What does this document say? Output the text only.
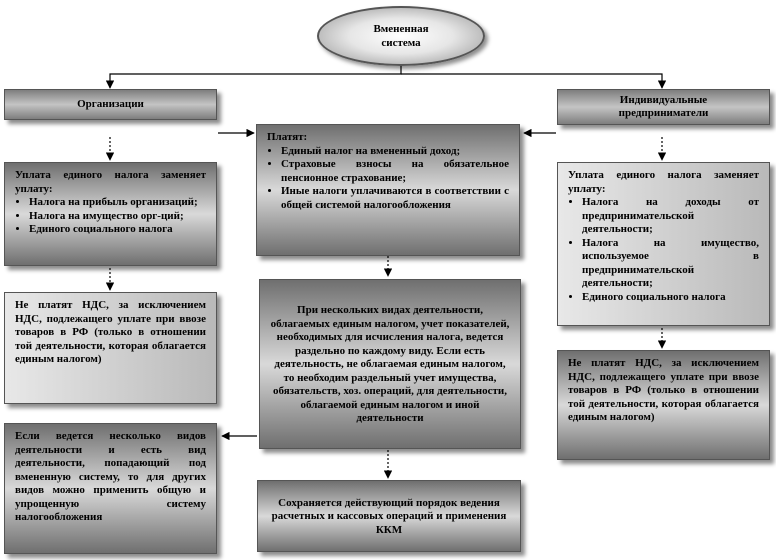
Вмененная
система
Организации	Индивидуальные
предприниматели
Платят:
• Единый налог на вмененный доход;
• Страховые взносы на обязательное пенсионное страхование;
• Иные налоги уплачиваются в соответствии с общей системой налогообложения
Уплата единого налога заменяет уплату:
• Налога на прибыль организаций;
• Налога на имущество орг-ций;
• Единого социального налога
Не платят НДС, за исключением НДС, подлежащего уплате при ввозе товаров в РФ (только в отношении той деятельности, которая облагается единым налогом)
Если ведется несколько видов деятельности и есть вид деятельности, попадающий под вмененную систему, то для других видов можно применить общую и упрощенную систему налогообложения
При нескольких видах деятельности, облагаемых единым налогом, учет показателей, необходимых для исчисления налога, ведется раздельно по каждому виду. Если есть деятельность, не облагаемая единым налогом, то необходим раздельный учет имущества, обязательств, хоз. операций, для деятельности, облагаемой единым налогом и иной деятельности
Сохраняется действующий порядок ведения расчетных и кассовых операций и применения ККМ
Уплата единого налога заменяет уплату:
• Налога на доходы от предпринимательской деятельности;
• Налога на имущество, используемое в предпринимательской деятельности;
• Единого социального налога
Не платят НДС, за исключением НДС, подлежащего уплате при ввозе товаров в РФ (только в отношении той деятельности, которая облагается единым налогом)
